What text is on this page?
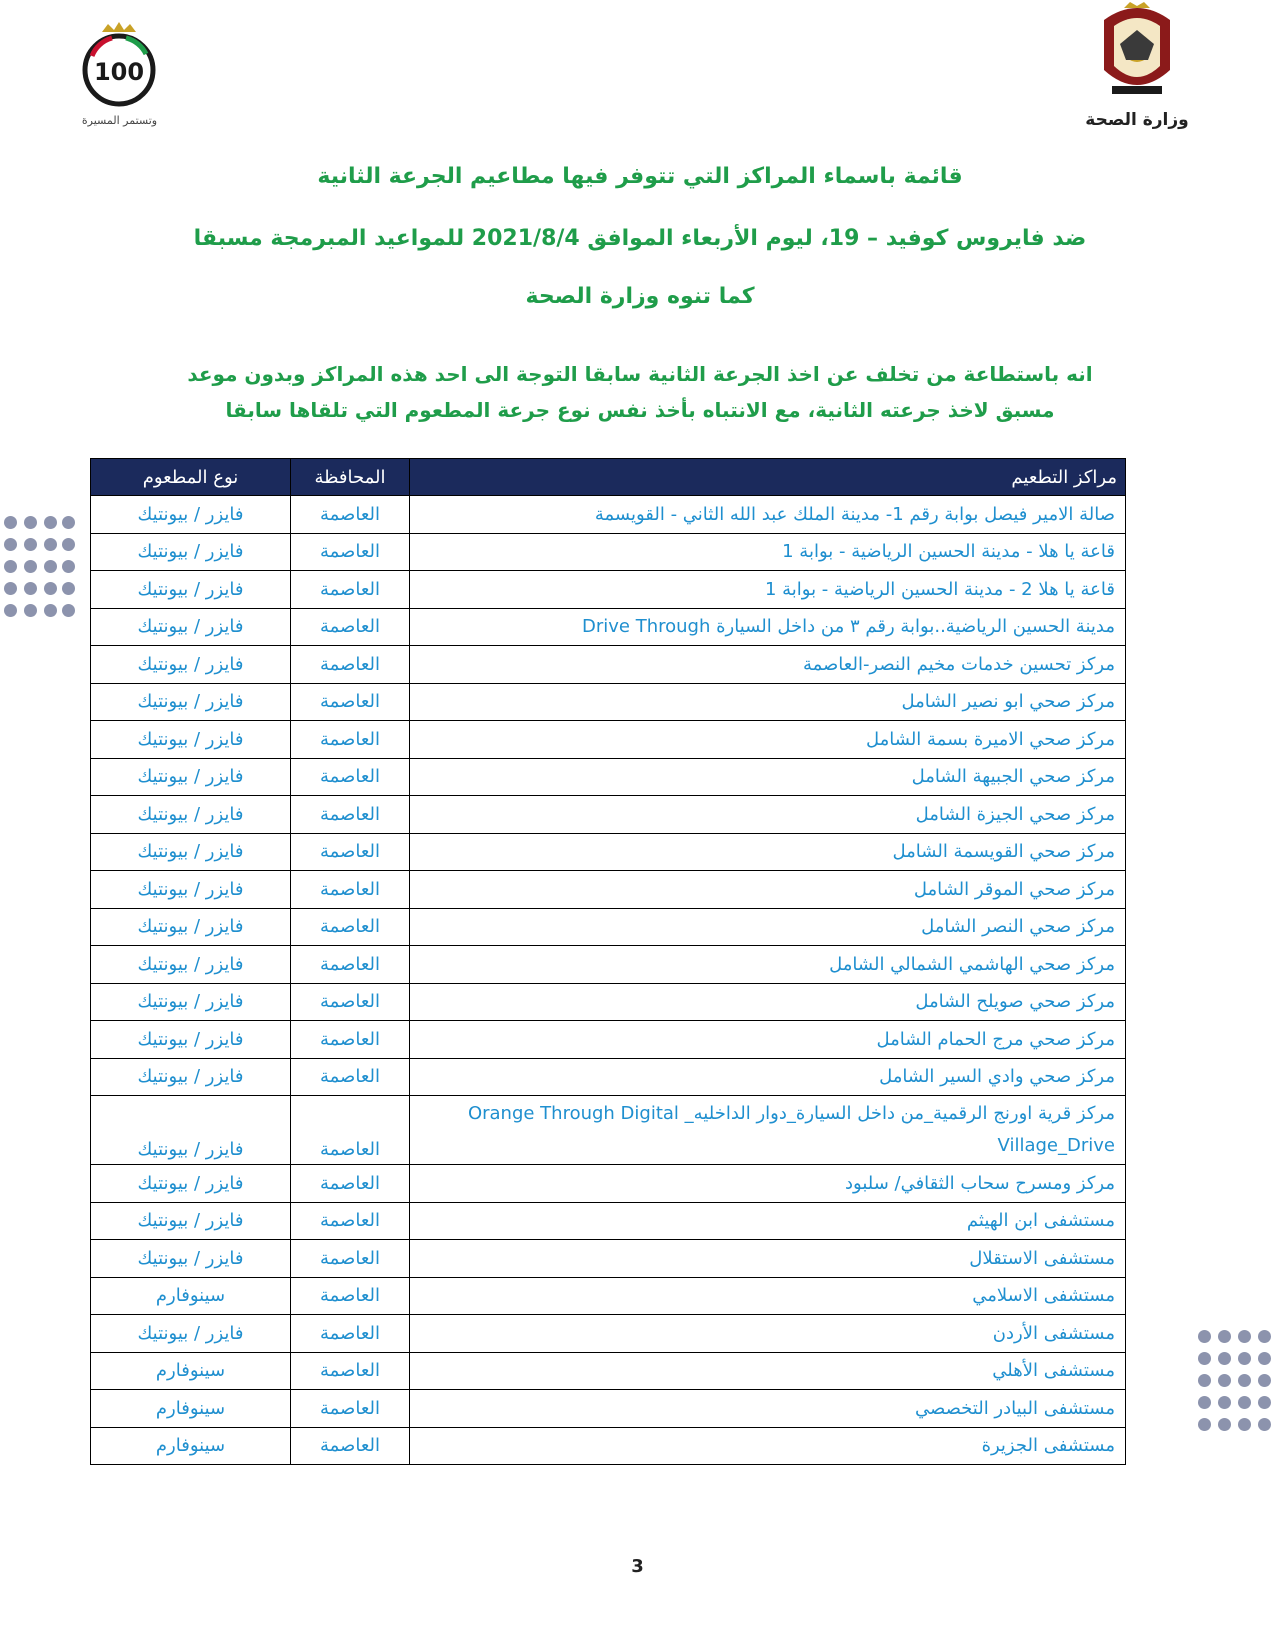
100
وتستمر المسيرة	وزارة الصحة
قائمة باسماء المراكز التي تتوفر فيها مطاعيم الجرعة الثانية
ضد فايروس كوفيد – 19، ليوم الأربعاء الموافق 2021/8/4 للمواعيد المبرمجة مسبقا
كما تنوه وزارة الصحة
انه باستطاعة من تخلف عن اخذ الجرعة الثانية سابقا التوجة الى احد هذه المراكز وبدون موعد
مسبق لاخذ جرعته الثانية، مع الانتباه بأخذ نفس نوع جرعة المطعوم التي تلقاها سابقا
مراكز التطعيم	المحافظة	نوع المطعوم
صالة الامير فيصل بوابة رقم 1- مدينة الملك عبد الله الثاني - القويسمة	العاصمة	فايزر / بيونتيك
قاعة يا هلا - مدينة الحسين الرياضية - بوابة 1	العاصمة	فايزر / بيونتيك
قاعة يا هلا 2 - مدينة الحسين الرياضية - بوابة 1	العاصمة	فايزر / بيونتيك
مدينة الحسين الرياضية..بوابة رقم ٣ من داخل السيارة Drive Through	العاصمة	فايزر / بيونتيك
مركز تحسين خدمات مخيم النصر-العاصمة	العاصمة	فايزر / بيونتيك
مركز صحي ابو نصير الشامل	العاصمة	فايزر / بيونتيك
مركز صحي الاميرة بسمة الشامل	العاصمة	فايزر / بيونتيك
مركز صحي الجبيهة الشامل	العاصمة	فايزر / بيونتيك
مركز صحي الجيزة الشامل	العاصمة	فايزر / بيونتيك
مركز صحي القويسمة الشامل	العاصمة	فايزر / بيونتيك
مركز صحي الموقر الشامل	العاصمة	فايزر / بيونتيك
مركز صحي النصر الشامل	العاصمة	فايزر / بيونتيك
مركز صحي الهاشمي الشمالي الشامل	العاصمة	فايزر / بيونتيك
مركز صحي صويلح الشامل	العاصمة	فايزر / بيونتيك
مركز صحي مرج الحمام الشامل	العاصمة	فايزر / بيونتيك
مركز صحي وادي السير الشامل	العاصمة	فايزر / بيونتيك
مركز قرية اورنج الرقمية_من داخل السيارة_دوار الداخليه_ Orange Through Digital Village_Drive	العاصمة	فايزر / بيونتيك
مركز ومسرح سحاب الثقافي/ سلبود	العاصمة	فايزر / بيونتيك
مستشفى ابن الهيثم	العاصمة	فايزر / بيونتيك
مستشفى الاستقلال	العاصمة	فايزر / بيونتيك
مستشفى الاسلامي	العاصمة	سينوفارم
مستشفى الأردن	العاصمة	فايزر / بيونتيك
مستشفى الأهلي	العاصمة	سينوفارم
مستشفى البيادر التخصصي	العاصمة	سينوفارم
مستشفى الجزيرة	العاصمة	سينوفارم
3
